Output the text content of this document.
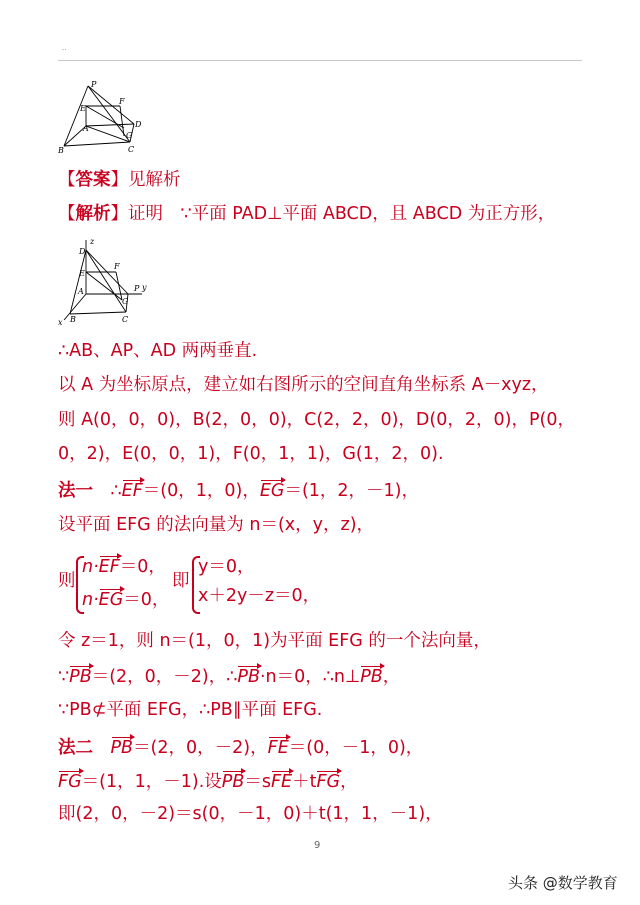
..
P
E
F
A	D
G
B	C
【答案】见解析
【解析】证明　∵平面 PAD⊥平面 ABCD，且 ABCD 为正方形，
z
D
P
F
E
G
y
A
B	C
x
∴AB、AP、AD 两两垂直.
以 A 为坐标原点，建立如右图所示的空间直角坐标系 A－xyz，
则 A(0，0，0)，B(2，0，0)，C(2，2，0)，D(0，2，0)，P(0，
0，2)，E(0，0，1)，F(0，1，1)，G(1，2，0).
法一　 ∴EF＝(0，1，0)，EG＝(1，2，－1)，
设平面 EFG 的法向量为 n＝(x，y，z)，
则
n·EF＝0，
n·EG＝0，
即
y＝0，
x＋2y－z＝0，
令 z＝1，则 n＝(1，0，1)为平面 EFG 的一个法向量，
∵PB＝(2，0，－2)，∴PB·n＝0，∴n⊥PB，
∵PB⊄平面 EFG，∴PB∥平面 EFG.
法二　 PB＝(2，0，－2)，FE＝(0，－1，0)，
FG＝(1，1，－1).设PB＝sFE＋tFG，
即(2，0，－2)＝s(0，－1，0)＋t(1，1，－1)，
9
头条 @数学教育
